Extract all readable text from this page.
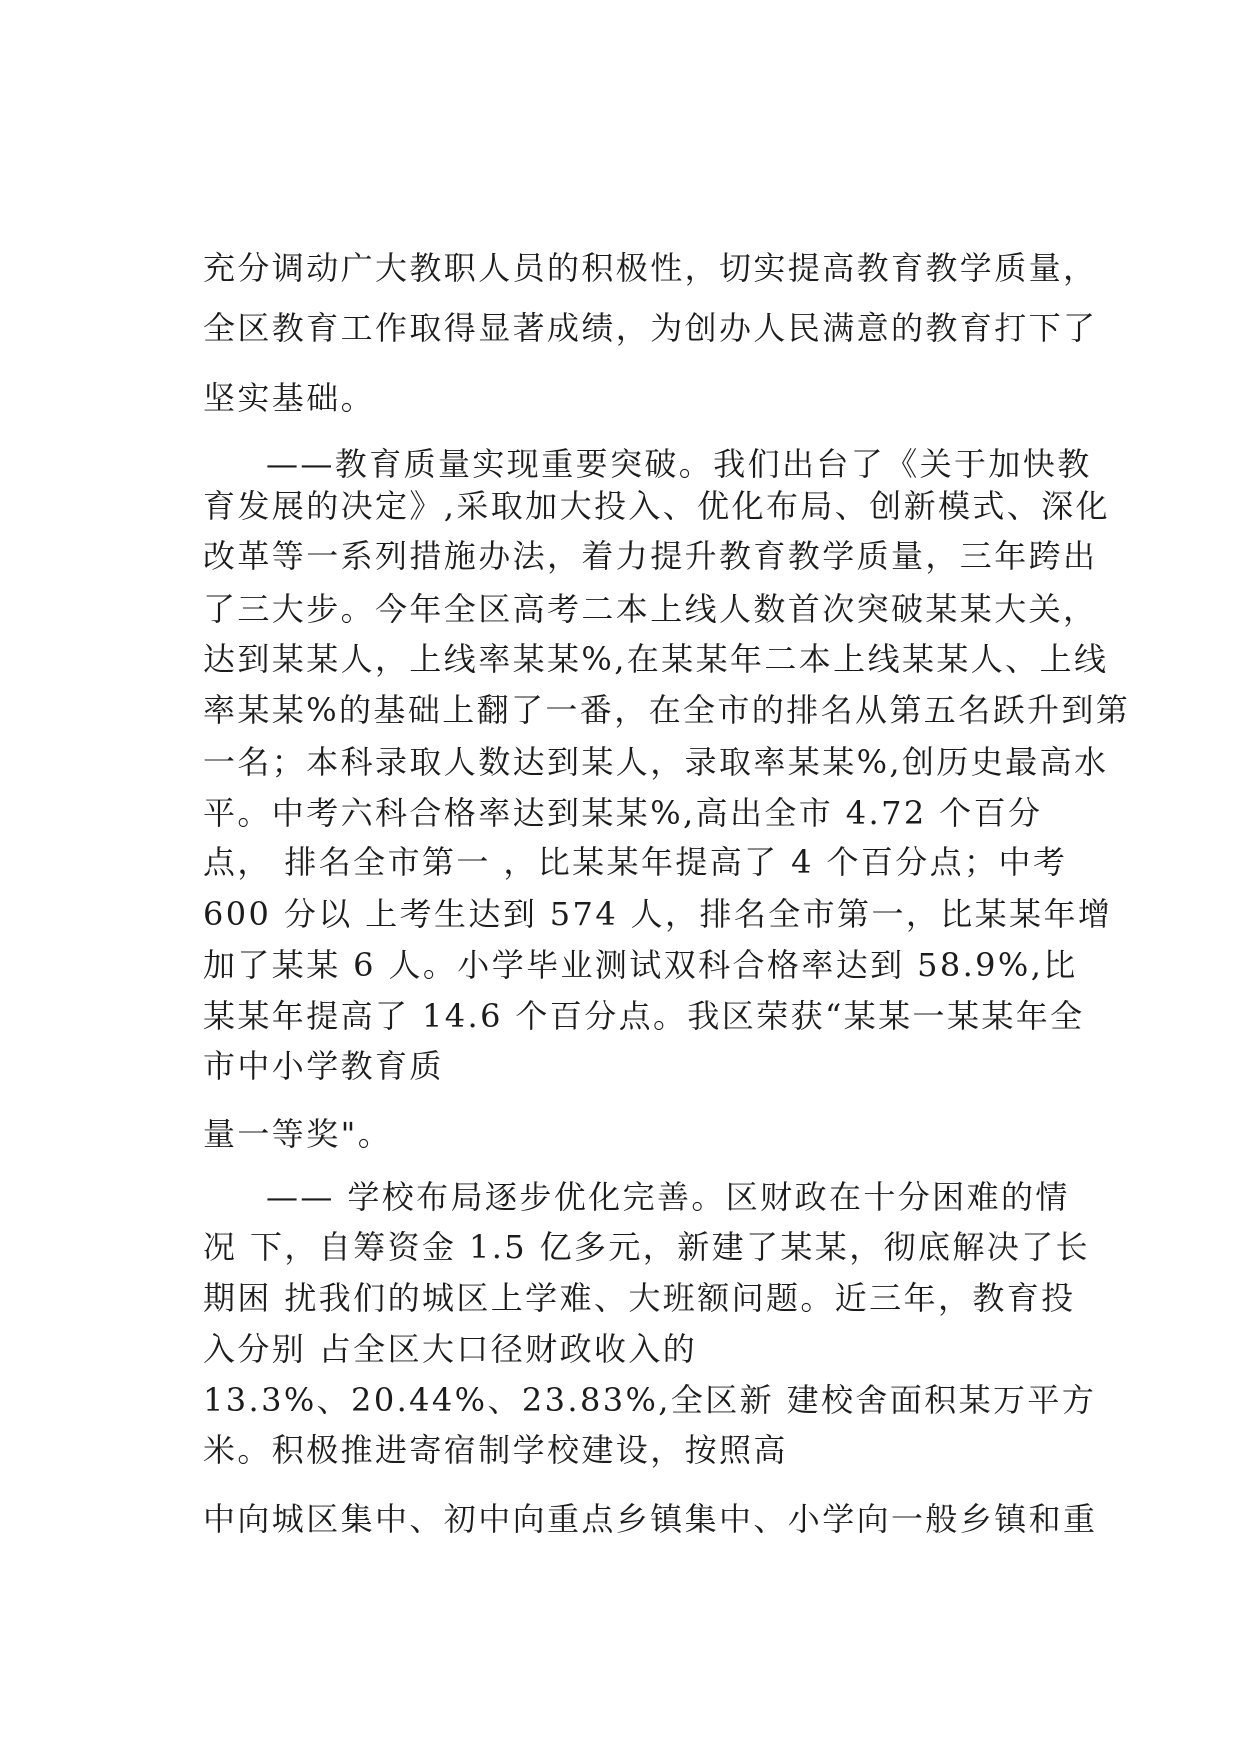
充分调动广大教职人员的积极性，切实提高教育教学质量，

全区教育工作取得显著成绩，为创办人民满意的教育打下了

坚实基础。

——教育质量实现重要突破。我们出台了《关于加快教

育发展的决定》,采取加大投入、优化布局、创新模式、深化

改革等一系列措施办法，着力提升教育教学质量，三年跨出

了三大步。今年全区高考二本上线人数首次突破某某大关，

达到某某人，上线率某某%,在某某年二本上线某某人、上线

率某某%的基础上翻了一番，在全市的排名从第五名跃升到第

一名；本科录取人数达到某人，录取率某某%,创历史最高水

平。中考六科合格率达到某某%,高出全市 4.72 个百分

点， 排名全市第一 ，比某某年提高了 4 个百分点；中考

600 分以 上考生达到 574 人，排名全市第一，比某某年增

加了某某 6 人。小学毕业测试双科合格率达到 58.9%,比

某某年提高了 14.6 个百分点。我区荣获“某某一某某年全

市中小学教育质

量一等奖"。

—— 学校布局逐步优化完善。区财政在十分困难的情

况 下，自筹资金 1.5 亿多元，新建了某某，彻底解决了长

期困 扰我们的城区上学难、大班额问题。近三年，教育投

入分别 占全区大口径财政收入的

13.3%、20.44%、23.83%,全区新 建校舍面积某万平方

米。积极推进寄宿制学校建设，按照高

中向城区集中、初中向重点乡镇集中、小学向一般乡镇和重
